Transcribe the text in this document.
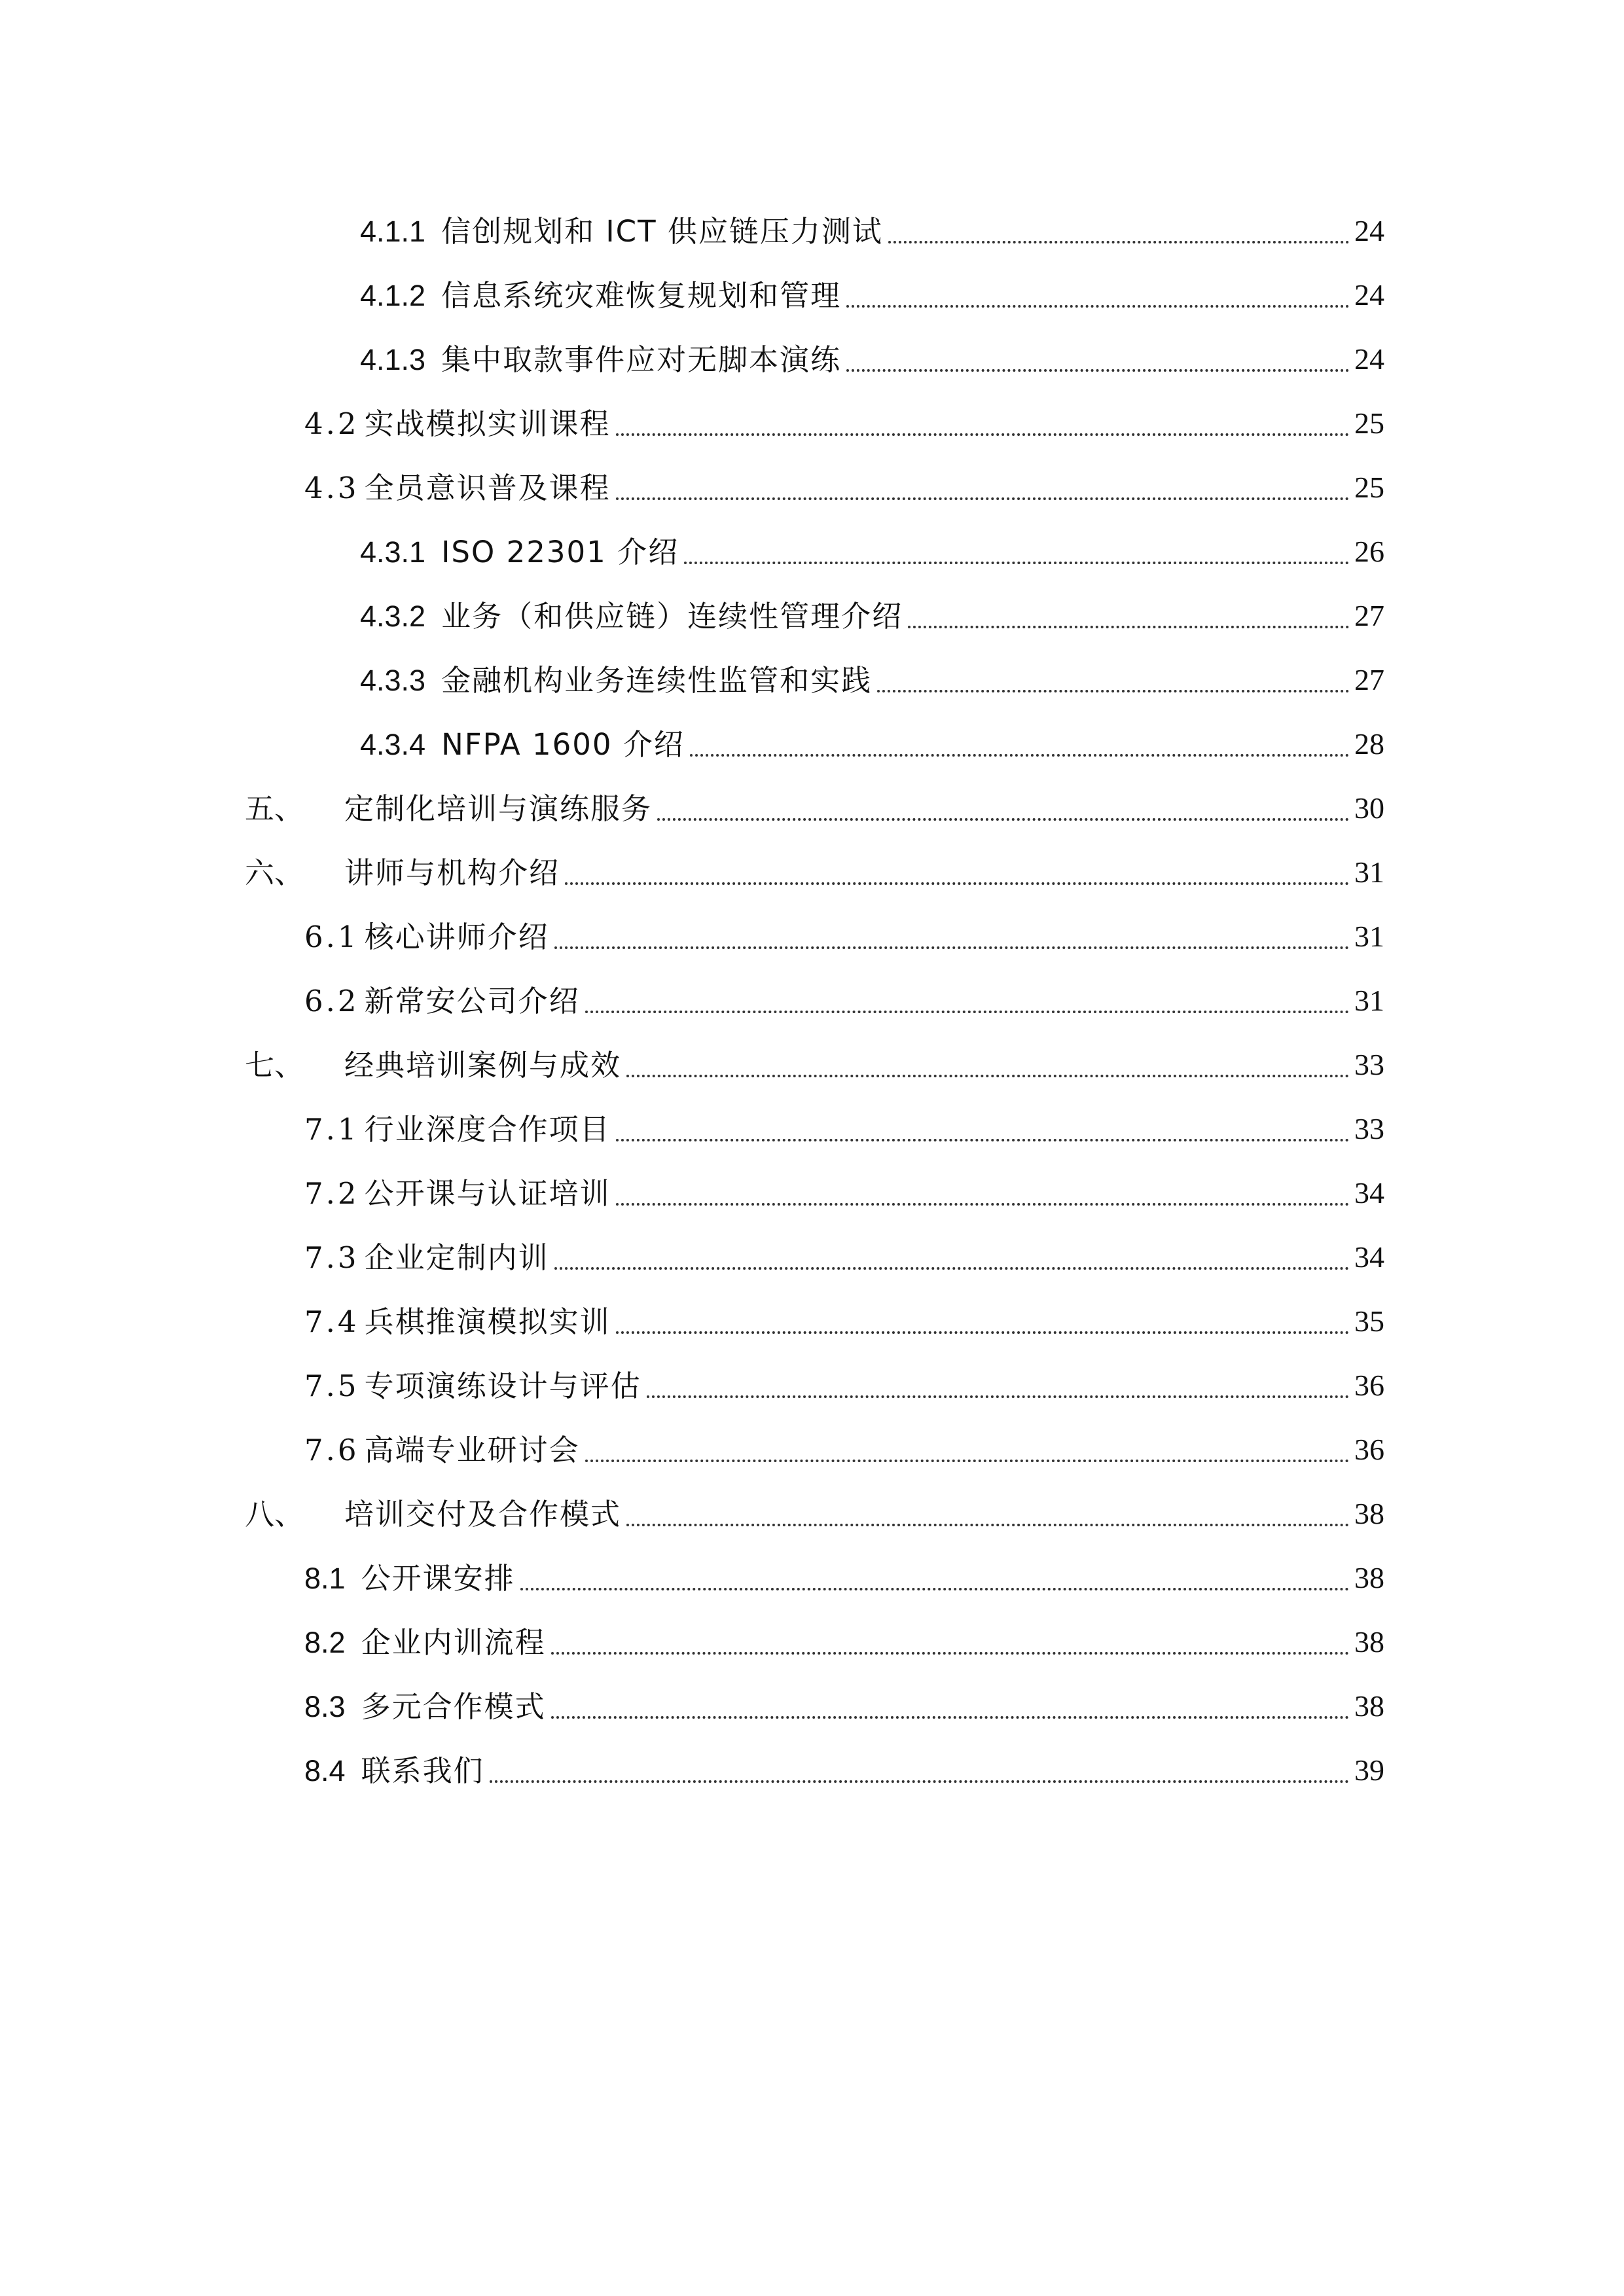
4.1.1 信创规划和 ICT 供应链压力测试	24
4.1.2 信息系统灾难恢复规划和管理	24
4.1.3 集中取款事件应对无脚本演练	24
4.2 实战模拟实训课程	25
4.3 全员意识普及课程	25
4.3.1 ISO 22301 介绍	26
4.3.2 业务（和供应链）连续性管理介绍	27
4.3.3 金融机构业务连续性监管和实践	27
4.3.4 NFPA 1600 介绍	28
五、	定制化培训与演练服务	30
六、	讲师与机构介绍	31
6.1 核心讲师介绍	31
6.2 新常安公司介绍	31
七、	经典培训案例与成效	33
7.1 行业深度合作项目	33
7.2 公开课与认证培训	34
7.3 企业定制内训	34
7.4 兵棋推演模拟实训	35
7.5 专项演练设计与评估	36
7.6 高端专业研讨会	36
八、	培训交付及合作模式	38
8.1 公开课安排	38
8.2 企业内训流程	38
8.3 多元合作模式	38
8.4 联系我们	39
